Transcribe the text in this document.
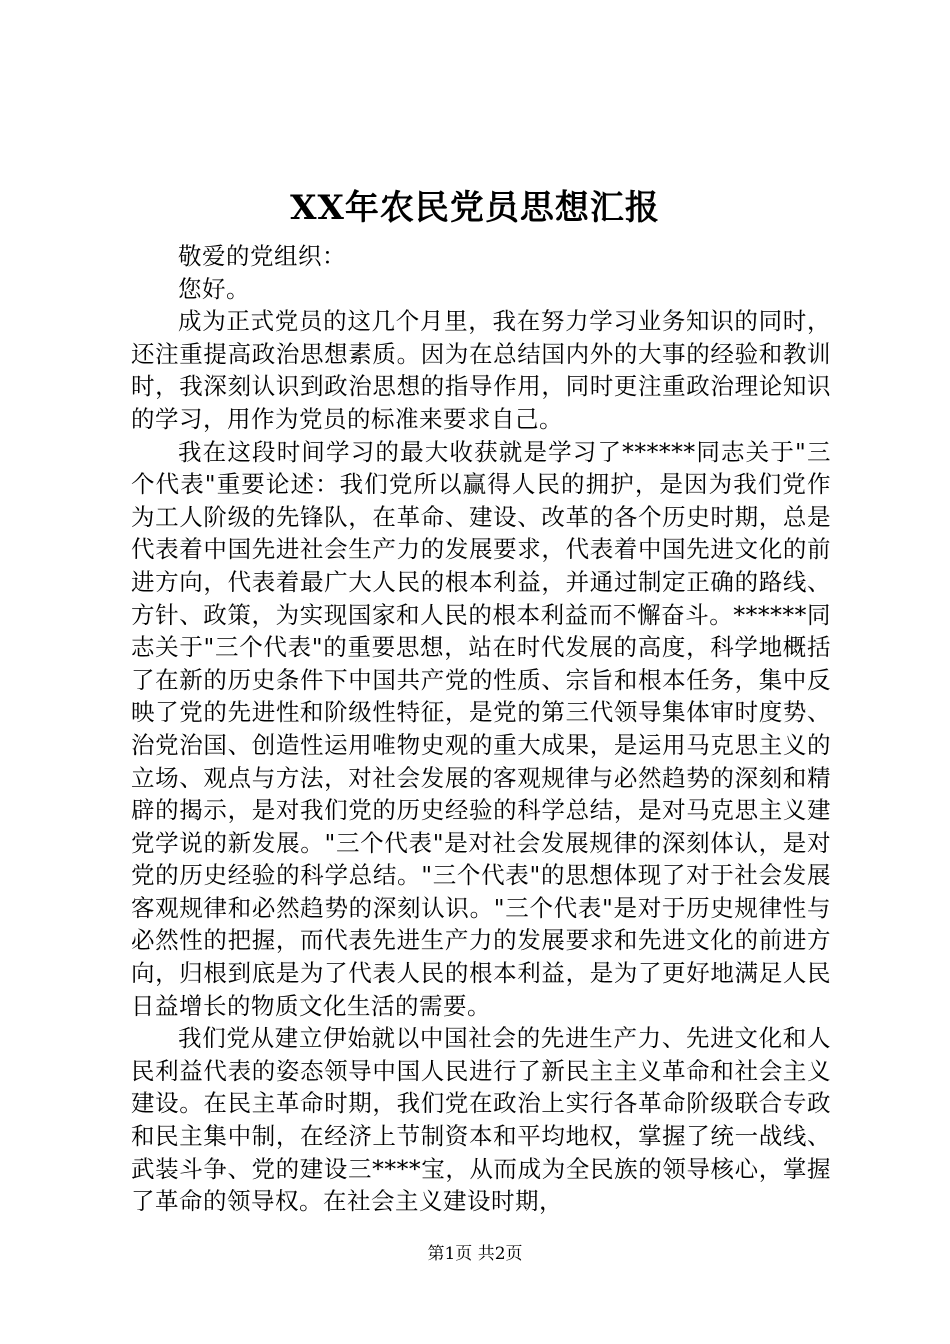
XX年农民党员思想汇报

敬爱的党组织：

您好。

成为正式党员的这几个月里，我在努力学习业务知识的同时，还注重提高政治思想素质。因为在总结国内外的大事的经验和教训时，我深刻认识到政治思想的指导作用，同时更注重政治理论知识的学习，用作为党员的标准来要求自己。

我在这段时间学习的最大收获就是学习了******同志关于"三个代表"重要论述：我们党所以赢得人民的拥护，是因为我们党作为工人阶级的先锋队，在革命、建设、改革的各个历史时期，总是代表着中国先进社会生产力的发展要求，代表着中国先进文化的前进方向，代表着最广大人民的根本利益，并通过制定正确的路线、方针、政策，为实现国家和人民的根本利益而不懈奋斗。******同志关于"三个代表"的重要思想，站在时代发展的高度，科学地概括了在新的历史条件下中国共产党的性质、宗旨和根本任务，集中反映了党的先进性和阶级性特征，是党的第三代领导集体审时度势、治党治国、创造性运用唯物史观的重大成果，是运用马克思主义的立场、观点与方法，对社会发展的客观规律与必然趋势的深刻和精辟的揭示，是对我们党的历史经验的科学总结，是对马克思主义建党学说的新发展。"三个代表"是对社会发展规律的深刻体认，是对党的历史经验的科学总结。"三个代表"的思想体现了对于社会发展客观规律和必然趋势的深刻认识。"三个代表"是对于历史规律性与必然性的把握，而代表先进生产力的发展要求和先进文化的前进方向，归根到底是为了代表人民的根本利益，是为了更好地满足人民日益增长的物质文化生活的需要。

我们党从建立伊始就以中国社会的先进生产力、先进文化和人民利益代表的姿态领导中国人民进行了新民主主义革命和社会主义建设。在民主革命时期，我们党在政治上实行各革命阶级联合专政和民主集中制，在经济上节制资本和平均地权，掌握了统一战线、武装斗争、党的建设三****宝，从而成为全民族的领导核心，掌握了革命的领导权。在社会主义建设时期，

第1页 共2页
